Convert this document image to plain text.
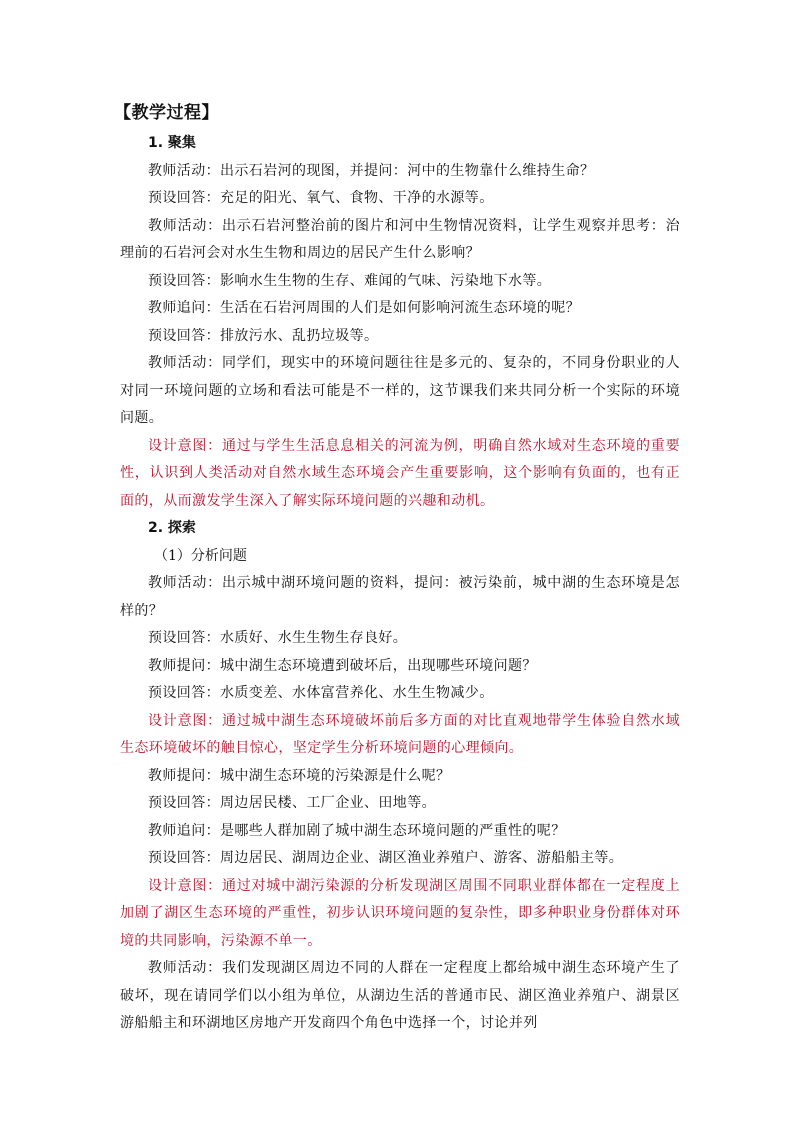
【教学过程】

1. 聚集

教师活动：出示石岩河的现图，并提问：河中的生物靠什么维持生命？

预设回答：充足的阳光、氧气、食物、干净的水源等。

教师活动：出示石岩河整治前的图片和河中生物情况资料，让学生观察并思考：治理前的石岩河会对水生生物和周边的居民产生什么影响？

预设回答：影响水生生物的生存、难闻的气味、污染地下水等。

教师追问：生活在石岩河周围的人们是如何影响河流生态环境的呢？

预设回答：排放污水、乱扔垃圾等。

教师活动：同学们，现实中的环境问题往往是多元的、复杂的，不同身份职业的人对同一环境问题的立场和看法可能是不一样的，这节课我们来共同分析一个实际的环境问题。

设计意图：通过与学生生活息息相关的河流为例，明确自然水域对生态环境的重要性，认识到人类活动对自然水域生态环境会产生重要影响，这个影响有负面的，也有正面的，从而激发学生深入了解实际环境问题的兴趣和动机。

2. 探索

（1）分析问题

教师活动：出示城中湖环境问题的资料，提问：被污染前，城中湖的生态环境是怎样的？

预设回答：水质好、水生生物生存良好。

教师提问：城中湖生态环境遭到破坏后，出现哪些环境问题？

预设回答：水质变差、水体富营养化、水生生物减少。

设计意图：通过城中湖生态环境破坏前后多方面的对比直观地带学生体验自然水域生态环境破坏的触目惊心，坚定学生分析环境问题的心理倾向。

教师提问：城中湖生态环境的污染源是什么呢？

预设回答：周边居民楼、工厂企业、田地等。

教师追问：是哪些人群加剧了城中湖生态环境问题的严重性的呢？

预设回答：周边居民、湖周边企业、湖区渔业养殖户、游客、游船船主等。

设计意图：通过对城中湖污染源的分析发现湖区周围不同职业群体都在一定程度上加剧了湖区生态环境的严重性，初步认识环境问题的复杂性，即多种职业身份群体对环境的共同影响，污染源不单一。

教师活动：我们发现湖区周边不同的人群在一定程度上都给城中湖生态环境产生了破坏，现在请同学们以小组为单位，从湖边生活的普通市民、湖区渔业养殖户、湖景区游船船主和环湖地区房地产开发商四个角色中选择一个，讨论并列
